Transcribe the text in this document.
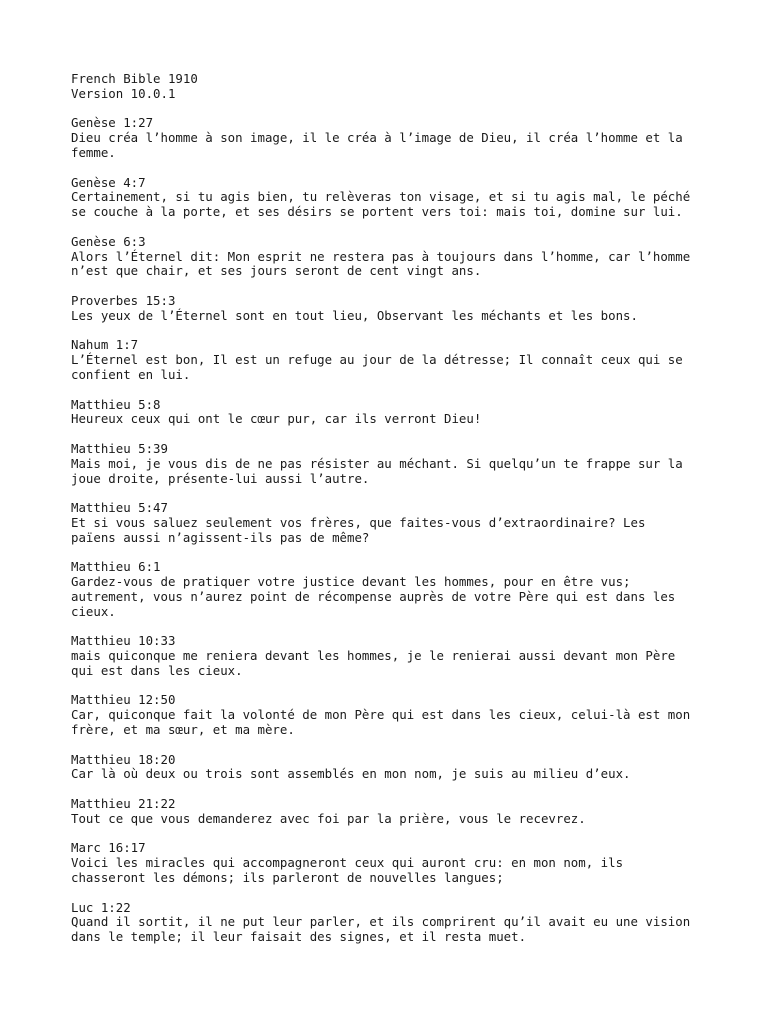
French Bible 1910
Version 10.0.1
Genèse 1:27
Dieu créa l’homme à son image, il le créa à l’image de Dieu, il créa l’homme et la
femme.
Genèse 4:7
Certainement, si tu agis bien, tu relèveras ton visage, et si tu agis mal, le péché
se couche à la porte, et ses désirs se portent vers toi: mais toi, domine sur lui.
Genèse 6:3
Alors l’Éternel dit: Mon esprit ne restera pas à toujours dans l’homme, car l’homme
n’est que chair, et ses jours seront de cent vingt ans.
Proverbes 15:3
Les yeux de l’Éternel sont en tout lieu, Observant les méchants et les bons.
Nahum 1:7
L’Éternel est bon, Il est un refuge au jour de la détresse; Il connaît ceux qui se
confient en lui.
Matthieu 5:8
Heureux ceux qui ont le cœur pur, car ils verront Dieu!
Matthieu 5:39
Mais moi, je vous dis de ne pas résister au méchant. Si quelqu’un te frappe sur la
joue droite, présente-lui aussi l’autre.
Matthieu 5:47
Et si vous saluez seulement vos frères, que faites-vous d’extraordinaire? Les
païens aussi n’agissent-ils pas de même?
Matthieu 6:1
Gardez-vous de pratiquer votre justice devant les hommes, pour en être vus;
autrement, vous n’aurez point de récompense auprès de votre Père qui est dans les
cieux.
Matthieu 10:33
mais quiconque me reniera devant les hommes, je le renierai aussi devant mon Père
qui est dans les cieux.
Matthieu 12:50
Car, quiconque fait la volonté de mon Père qui est dans les cieux, celui-là est mon
frère, et ma sœur, et ma mère.
Matthieu 18:20
Car là où deux ou trois sont assemblés en mon nom, je suis au milieu d’eux.
Matthieu 21:22
Tout ce que vous demanderez avec foi par la prière, vous le recevrez.
Marc 16:17
Voici les miracles qui accompagneront ceux qui auront cru: en mon nom, ils
chasseront les démons; ils parleront de nouvelles langues;
Luc 1:22
Quand il sortit, il ne put leur parler, et ils comprirent qu’il avait eu une vision
dans le temple; il leur faisait des signes, et il resta muet.
